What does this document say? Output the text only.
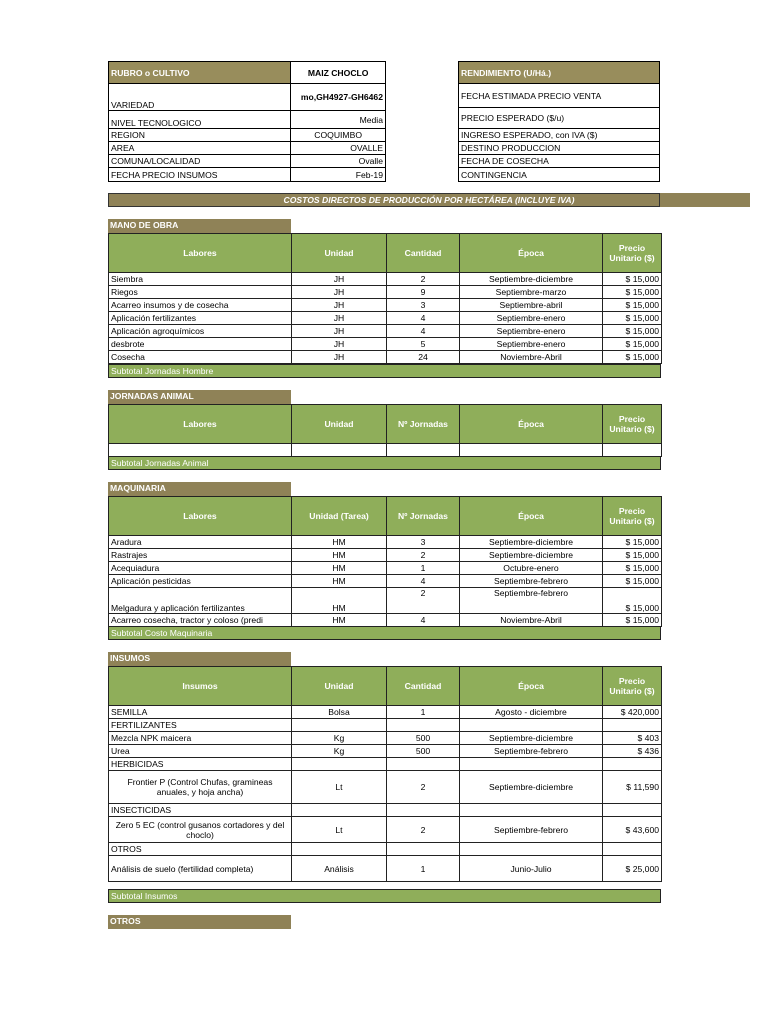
RUBRO o CULTIVO	MAIZ CHOCLO
VARIEDAD	mo,GH4927-GH6462
NIVEL TECNOLOGICO	Media
REGION	COQUIMBO
AREA	OVALLE
COMUNA/LOCALIDAD	Ovalle
FECHA PRECIO INSUMOS	Feb-19
RENDIMIENTO (U/Há.)
FECHA ESTIMADA PRECIO VENTA
PRECIO ESPERADO ($/u)
INGRESO ESPERADO, con IVA ($)
DESTINO PRODUCCION
FECHA DE COSECHA
CONTINGENCIA
COSTOS DIRECTOS DE PRODUCCIÓN POR HECTÁREA (INCLUYE IVA)
MANO DE OBRA
Labores	Unidad	Cantidad	Época	Precio Unitario ($)
Siembra	JH	2	Septiembre-diciembre	$ 15,000
Riegos	JH	9	Septiembre-marzo	$ 15,000
Acarreo insumos y de cosecha	JH	3	Septiembre-abril	$ 15,000
Aplicación fertilizantes	JH	4	Septiembre-enero	$ 15,000
Aplicación agroquímicos	JH	4	Septiembre-enero	$ 15,000
desbrote	JH	5	Septiembre-enero	$ 15,000
Cosecha	JH	24	Noviembre-Abril	$ 15,000
Subtotal Jornadas Hombre
JORNADAS ANIMAL
Labores	Unidad	Nº Jornadas	Época	Precio Unitario ($)

Subtotal Jornadas Animal
MAQUINARIA
Labores	Unidad (Tarea)	Nº Jornadas	Época	Precio Unitario ($)
Aradura	HM	3	Septiembre-diciembre	$ 15,000
Rastrajes	HM	2	Septiembre-diciembre	$ 15,000
Acequiadura	HM	1	Octubre-enero	$ 15,000
Aplicación pesticidas	HM	4	Septiembre-febrero	$ 15,000
Melgadura y aplicación fertilizantes	HM	2	Septiembre-febrero	$ 15,000
Acarreo cosecha, tractor y coloso (predi	HM	4	Noviembre-Abril	$ 15,000
Subtotal Costo Maquinaria
INSUMOS
Insumos	Unidad	Cantidad	Época	Precio Unitario ($)
SEMILLA	Bolsa	1	Agosto - diciembre	$ 420,000
FERTILIZANTES				
Mezcla NPK maicera	Kg	500	Septiembre-diciembre	$ 403
Urea	Kg	500	Septiembre-febrero	$ 436
HERBICIDAS				
Frontier P (Control Chufas, gramineas anuales, y hoja ancha)	Lt	2	Septiembre-diciembre	$ 11,590
INSECTICIDAS				
Zero 5 EC (control gusanos cortadores y del choclo)	Lt	2	Septiembre-febrero	$ 43,600
OTROS				
Análisis de suelo (fertilidad completa)	Análisis	1	Junio-Julio	$ 25,000
Subtotal Insumos
OTROS
